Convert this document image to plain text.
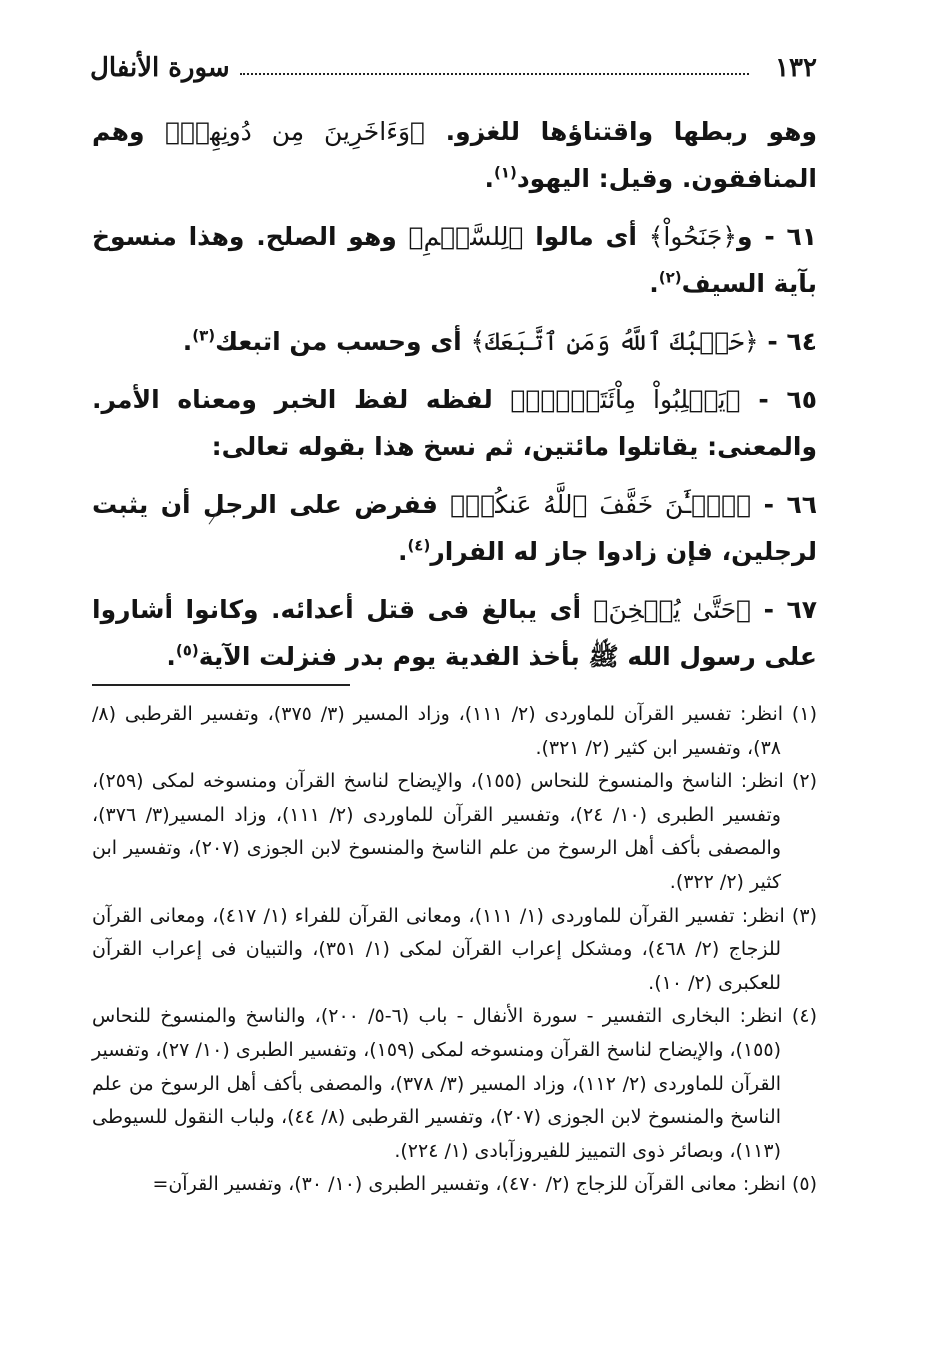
١٣٢
سورة الأنفال

وهو ربطها واقتناؤها للغزو. ﴿وَءَاخَرِينَ مِن دُونِهِمۡ﴾ وهم المنافقون. وقيل: اليهود$^{(١)}$.

٦١ - و﴿جَنَحُواْ﴾ أى مالوا ﴿لِلسَّلۡمِ﴾ وهو الصلح. وهذا منسوخ بآية السيف$^{(٢)}$.

٦٤ - ﴿حَسۡبُكَ ٱللَّهُ وَمَنِ ٱتَّبَعَكَ﴾ أى وحسب من اتبعك$^{(٣)}$.

٦٥ - ﴿يَغۡلِبُواْ مِاْئَتَيۡنِۚ﴾ لفظه لفظ الخبر ومعناه الأمر. والمعنى: يقاتلوا مائتين، ثم نسخ هذا بقوله تعالى:

٦٦ - ﴿ٱلۡـَٰٔنَ خَفَّفَ ٱللَّهُ عَنكُمۡ﴾ ففرض على الرجل أن يثبت لرجلين، فإن زادوا جاز له الفرار$^{(٤)}$.

٦٧ - ﴿حَتَّىٰ يُثۡخِنَ﴾ أى يبالغ فى قتل أعدائه. وكانوا أشاروا على رسول الله ﷺ بأخذ الفدية يوم بدر فنزلت الآية$^{(٥)}$.

(١) انظر: تفسير القرآن للماوردى (٢/ ١١١)، وزاد المسير (٣/ ٣٧٥)، وتفسير القرطبى (٨/ ٣٨)، وتفسير ابن كثير (٢/ ٣٢١).

(٢) انظر: الناسخ والمنسوخ للنحاس (١٥٥)، والإيضاح لناسخ القرآن ومنسوخه لمكى (٢٥٩)، وتفسير الطبرى (١٠/ ٢٤)، وتفسير القرآن للماوردى (٢/ ١١١)، وزاد المسير(٣/ ٣٧٦)، والمصفى بأكف أهل الرسوخ من علم الناسخ والمنسوخ لابن الجوزى (٢٠٧)، وتفسير ابن كثير (٢/ ٣٢٢).

(٣) انظر: تفسير القرآن للماوردى (١/ ١١١)، ومعانى القرآن للفراء (١/ ٤١٧)، ومعانى القرآن للزجاج (٢/ ٤٦٨)، ومشكل إعراب القرآن لمكى (١/ ٣٥١)، والتبيان فى إعراب القرآن للعكبرى (٢/ ١٠).

(٤) انظر: البخارى التفسير - سورة الأنفال - باب (٦-٥/ ٢٠٠)، والناسخ والمنسوخ للنحاس (١٥٥)، والإيضاح لناسخ القرآن ومنسوخه لمكى (١٥٩)، وتفسير الطبرى (١٠/ ٢٧)، وتفسير القرآن للماوردى (٢/ ١١٢)، وزاد المسير (٣/ ٣٧٨)، والمصفى بأكف أهل الرسوخ من علم الناسخ والمنسوخ لابن الجوزى (٢٠٧)، وتفسير القرطبى (٨/ ٤٤)، ولباب النقول للسيوطى (١١٣)، وبصائر ذوى التمييز للفيروزآبادى (١/ ٢٢٤).

(٥) انظر: معانى القرآن للزجاج (٢/ ٤٧٠)، وتفسير الطبرى (١٠/ ٣٠)، وتفسير القرآن=
